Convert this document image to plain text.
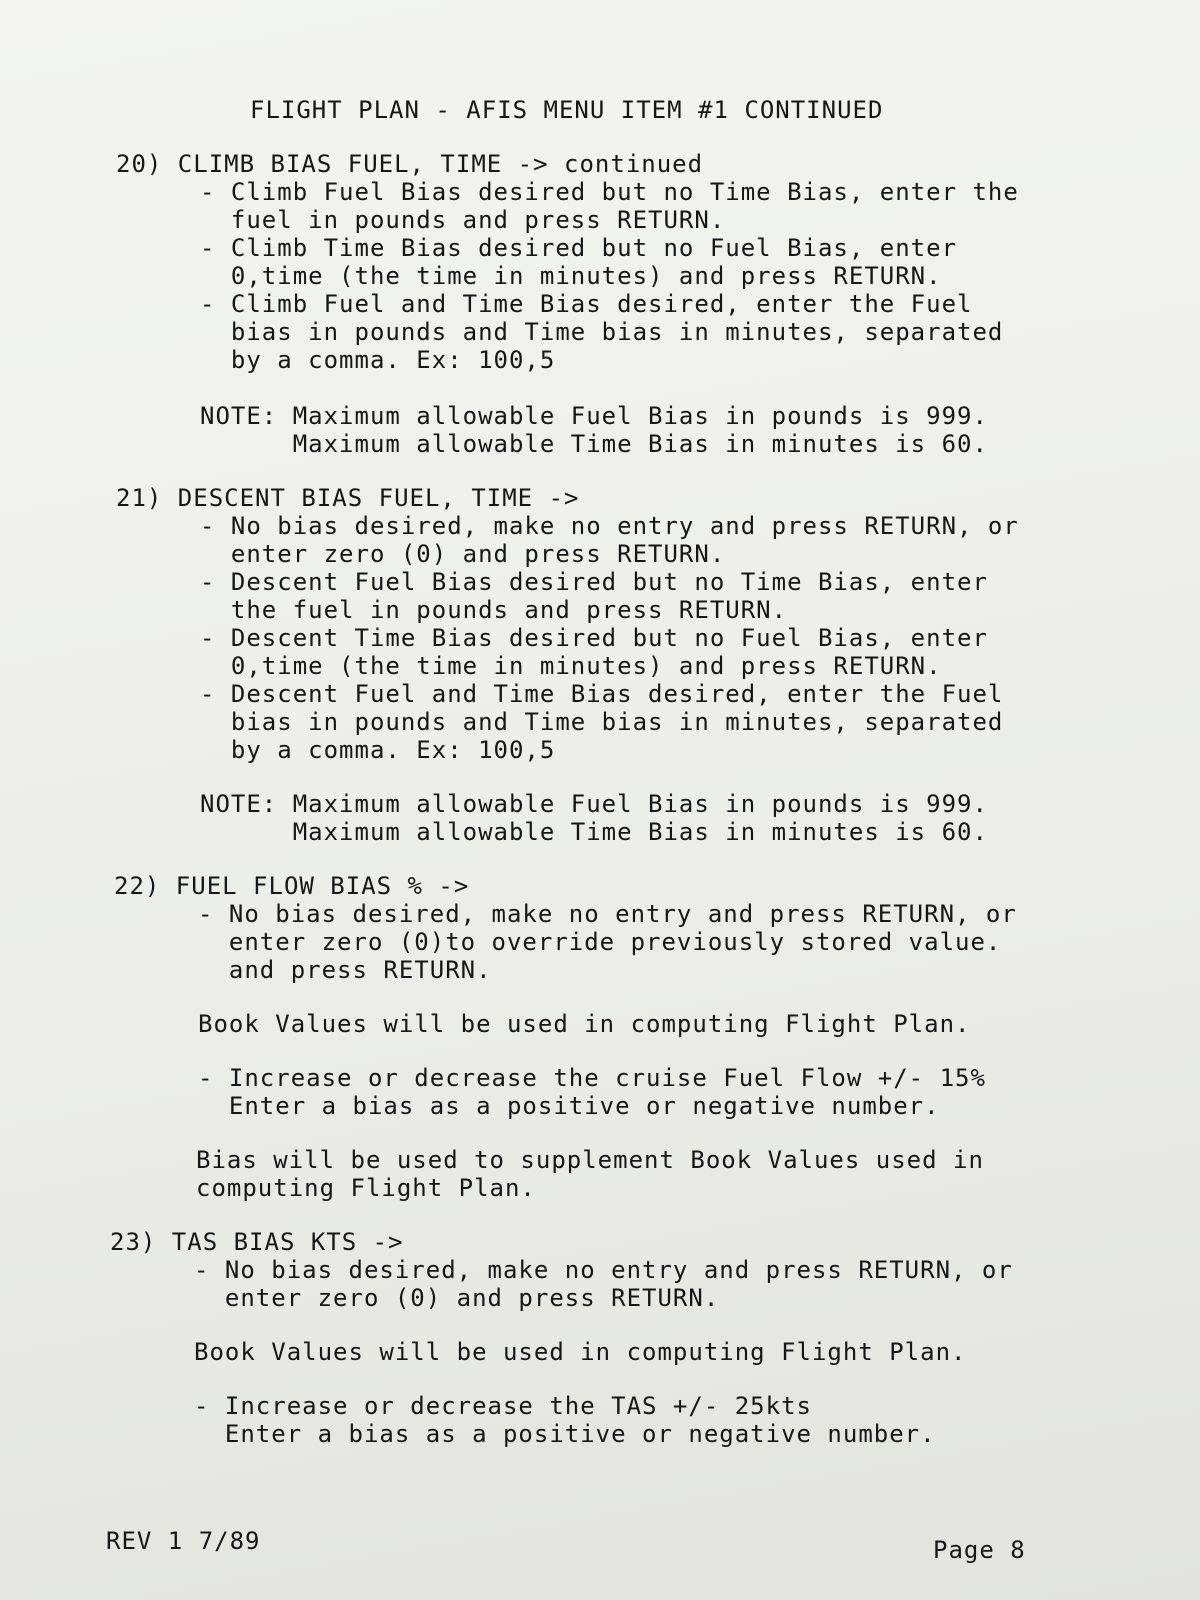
FLIGHT PLAN - AFIS MENU ITEM #1 CONTINUED
20) CLIMB BIAS FUEL, TIME -> continued
- Climb Fuel Bias desired but no Time Bias, enter the
fuel in pounds and press RETURN.
- Climb Time Bias desired but no Fuel Bias, enter
0,time (the time in minutes) and press RETURN.
- Climb Fuel and Time Bias desired, enter the Fuel
bias in pounds and Time bias in minutes, separated
by a comma. Ex: 100,5
NOTE: Maximum allowable Fuel Bias in pounds is 999.
Maximum allowable Time Bias in minutes is 60.
21) DESCENT BIAS FUEL, TIME ->
- No bias desired, make no entry and press RETURN, or
enter zero (0) and press RETURN.
- Descent Fuel Bias desired but no Time Bias, enter
the fuel in pounds and press RETURN.
- Descent Time Bias desired but no Fuel Bias, enter
0,time (the time in minutes) and press RETURN.
- Descent Fuel and Time Bias desired, enter the Fuel
bias in pounds and Time bias in minutes, separated
by a comma. Ex: 100,5
NOTE: Maximum allowable Fuel Bias in pounds is 999.
Maximum allowable Time Bias in minutes is 60.
22) FUEL FLOW BIAS % ->
- No bias desired, make no entry and press RETURN, or
enter zero (0)to override previously stored value.
and press RETURN.
Book Values will be used in computing Flight Plan.
- Increase or decrease the cruise Fuel Flow +/- 15%
Enter a bias as a positive or negative number.
Bias will be used to supplement Book Values used in
computing Flight Plan.
23) TAS BIAS KTS ->
- No bias desired, make no entry and press RETURN, or
enter zero (0) and press RETURN.
Book Values will be used in computing Flight Plan.
- Increase or decrease the TAS +/- 25kts
Enter a bias as a positive or negative number.
REV 1 7/89	Page 8
